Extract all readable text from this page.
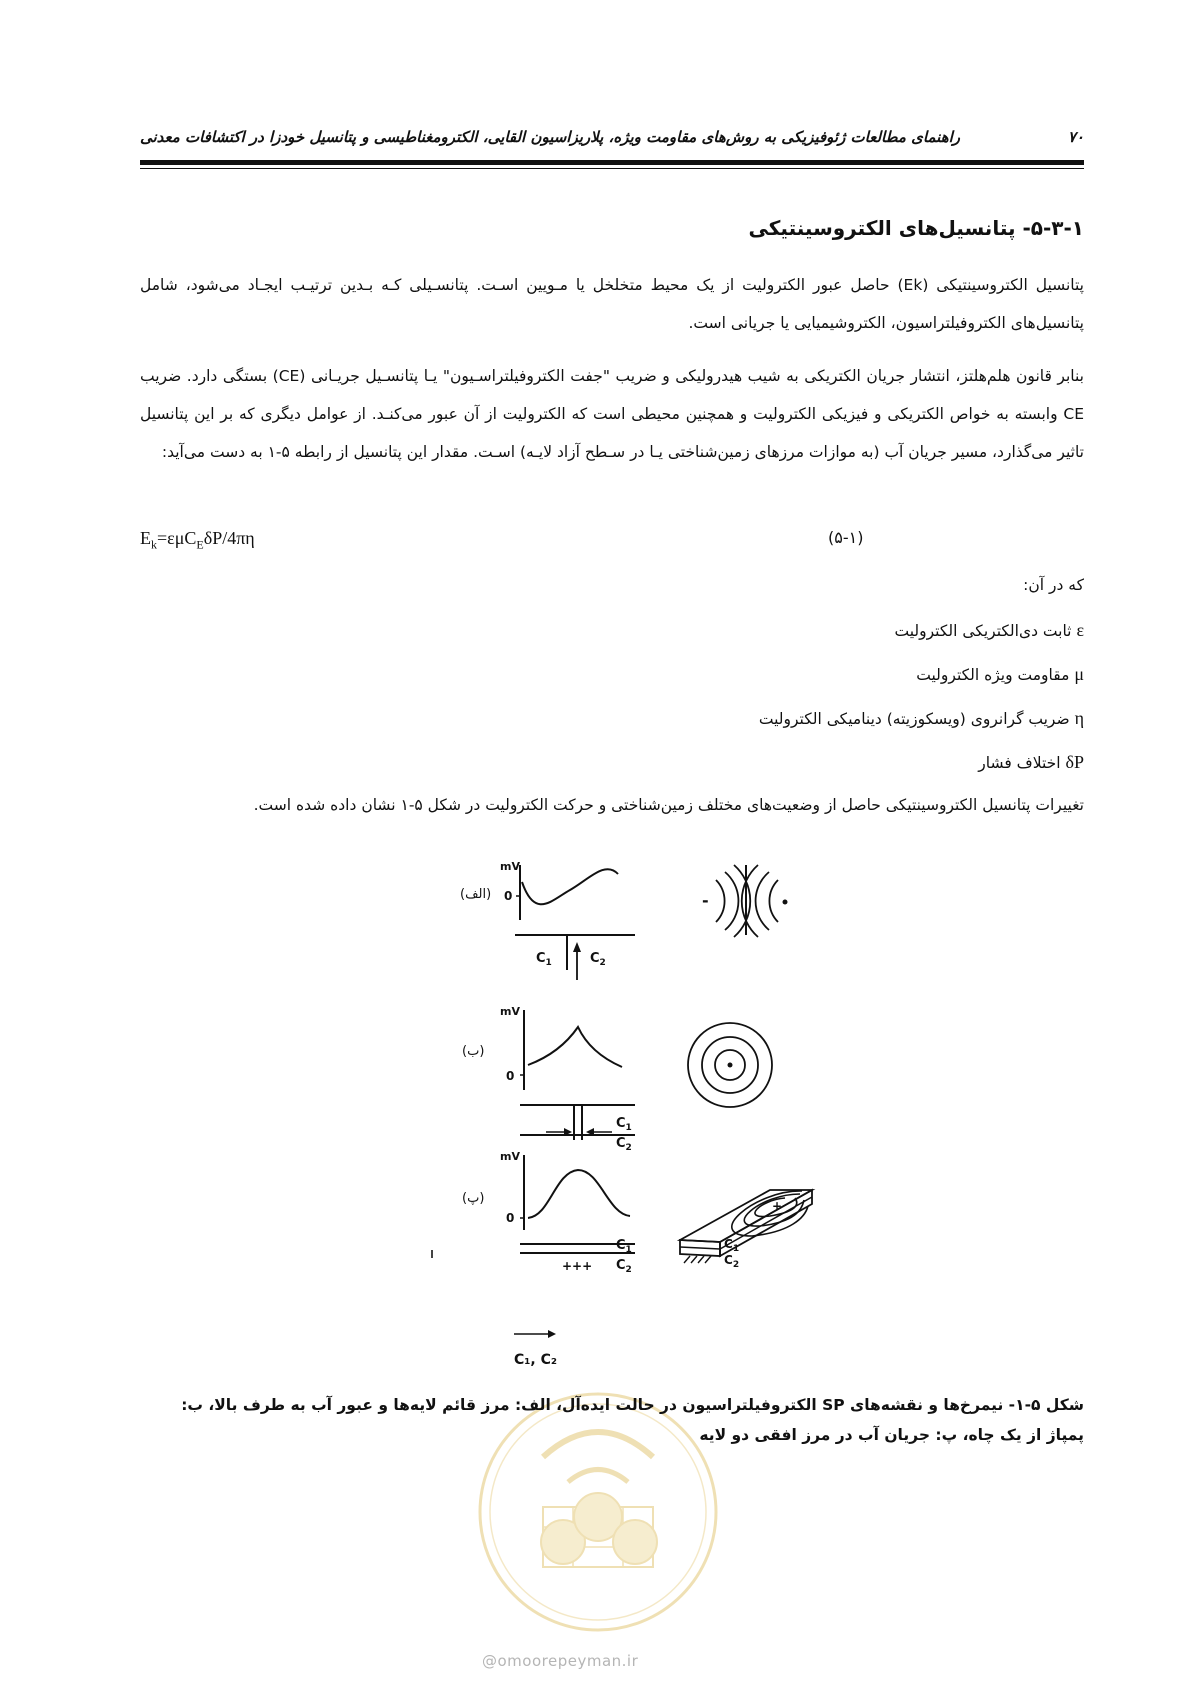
۷۰
راهنمای مطالعات ژئوفیزیکی به روش‌های مقاومت ویژه، پلاریزاسیون القایی، الکترومغناطیسی و پتانسیل خودزا در اکتشافات معدنی
۵-۳-۱- پتانسیل‌های الکتروسینتیکی
پتانسیل الکتروسینتیکی (Ek) حاصل عبور الکترولیت از یک محیط متخلخل یا مـویین اسـت. پتانسـیلی کـه بـدین ترتیـب ایجـاد می‌شود، شامل پتانسیل‌های الکتروفیلتراسیون، الکتروشیمیایی یا جریانی است.
بنابر قانون هلم‌هلتز، انتشار جریان الکتریکی به شیب هیدرولیکی و ضریب "جفت الکتروفیلتراسـیون" یـا پتانسـیل جریـانی (CE) بستگی دارد. ضریب CE وابسته به خواص الکتریکی و فیزیکی الکترولیت و همچنین محیطی است که الکترولیت از آن عبور می‌کنـد. از عوامل دیگری که بر این پتانسیل تاثیر می‌گذارد، مسیر جریان آب (به موازات مرزهای زمین‌شناختی یـا در سـطح آزاد لایـه) اسـت. مقدار این پتانسیل از رابطه ۵-۱ به دست می‌آید:
$E_k=\varepsilon\mu C_E\delta P/4\pi\eta$	(۵-۱)
که در آن:
ε ثابت دی‌الکتریکی الکترولیت
μ مقاومت ویژه الکترولیت
η ضریب گرانروی (ویسکوزیته) دینامیکی الکترولیت
δP اختلاف فشار
تغییرات پتانسیل الکتروسینتیکی حاصل از وضعیت‌های مختلف زمین‌شناختی و حرکت الکترولیت در شکل ۵-۱ نشان داده شده است.
(الف)
mV
0
$C_1$	$C_2$
-
(ب)
mV
0
$C_1$
$C_2$
(پ)
mV
0
$C_1$
$C_2$
+++
+
$C_1$
$C_2$
C₁, C₂
@omoorepeyman.ir
شکل ۵-۱- نیمرخ‌ها و نقشه‌های SP الکتروفیلتراسیون در حالت ایده‌آل، الف: مرز قائم لایه‌ها و عبور آب به طرف بالا، ب: پمپاژ از یک چاه، پ: جریان آب در مرز افقی دو لایه
